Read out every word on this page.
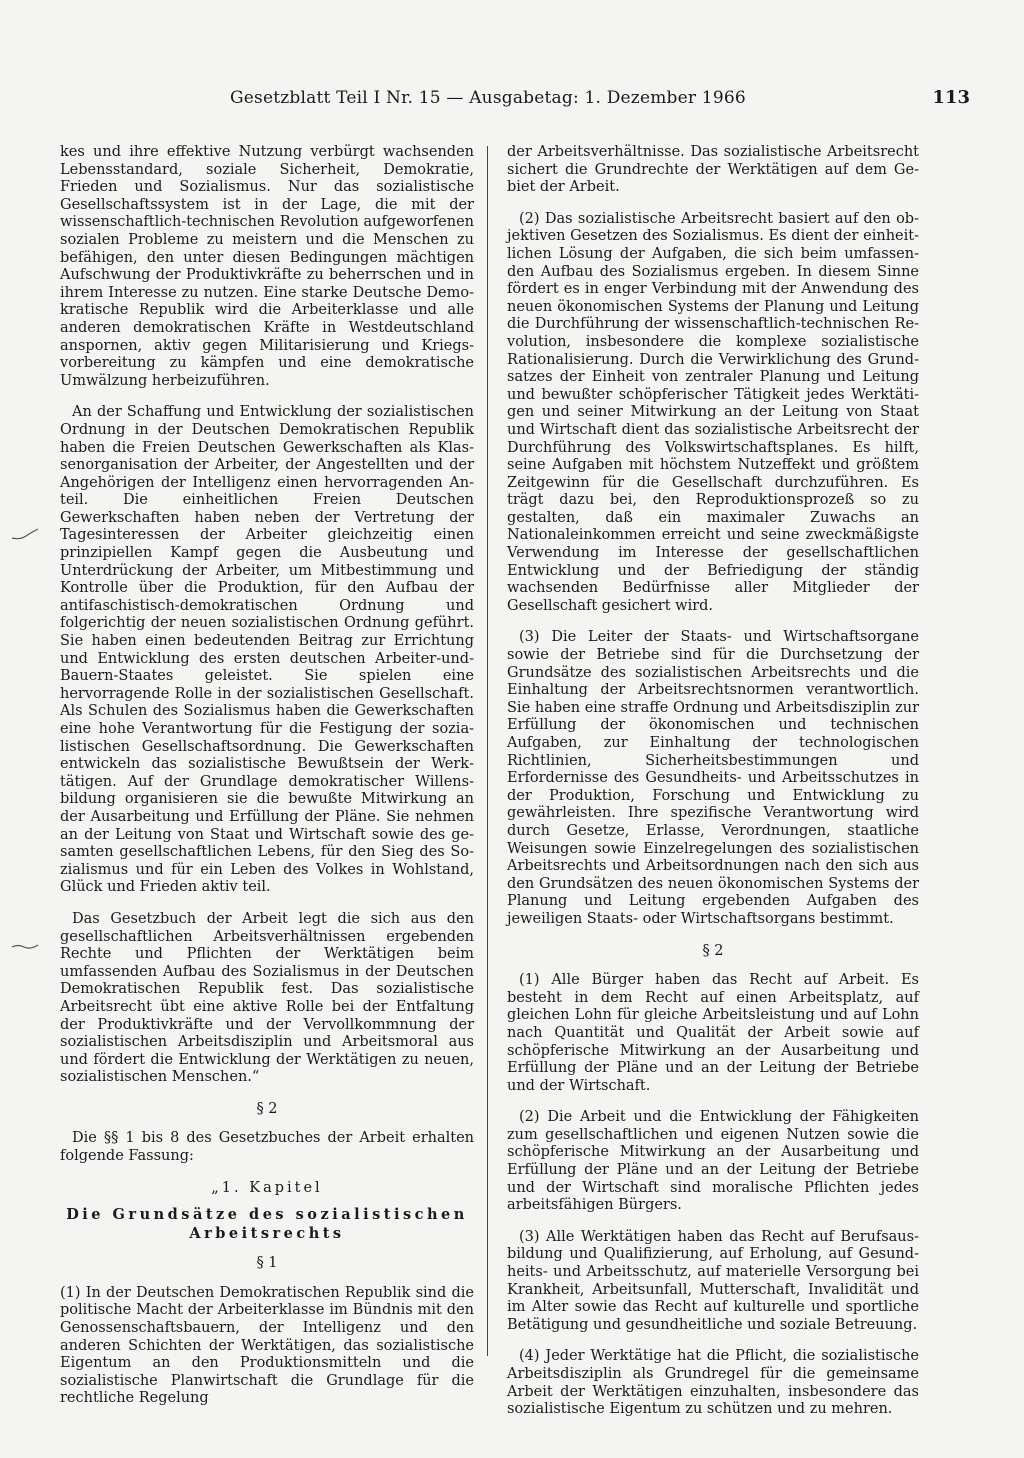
Gesetzblatt Teil I Nr. 15 — Ausgabetag: 1. Dezember 1966	113

kes und ihre effektive Nutzung verbürgt wachsenden Lebensstandard, soziale Sicherheit, Demokratie, Frieden und Sozialismus. Nur das sozialistische Gesellschaftssystem ist in der Lage, die mit der wissenschaftlich-technischen Revolution aufgeworfenen sozialen Probleme zu meistern und die Menschen zu befähigen, den unter diesen Bedingungen mächtigen Aufschwung der Produktivkräfte zu beherrschen und in ihrem Interesse zu nutzen. Eine starke Deutsche Demokratische Republik wird die Arbeiterklasse und alle anderen demokratischen Kräfte in Westdeutschland anspornen, aktiv gegen Militarisierung und Kriegsvorbereitung zu kämpfen und eine demokratische Umwälzung herbeizuführen.

An der Schaffung und Entwicklung der sozialistischen Ordnung in der Deutschen Demokratischen Republik haben die Freien Deutschen Gewerkschaften als Klassenorganisation der Arbeiter, der Angestellten und der Angehörigen der Intelligenz einen hervorragenden Anteil. Die einheitlichen Freien Deutschen Gewerkschaften haben neben der Vertretung der Tagesinteressen der Arbeiter gleichzeitig einen prinzipiellen Kampf gegen die Ausbeutung und Unterdrückung der Arbeiter, um Mitbestimmung und Kontrolle über die Produktion, für den Aufbau der antifaschistisch-demokratischen Ordnung und folgerichtig der neuen sozialistischen Ordnung geführt. Sie haben einen bedeutenden Beitrag zur Errichtung und Entwicklung des ersten deutschen Arbeiter-und-Bauern-Staates geleistet. Sie spielen eine hervorragende Rolle in der sozialistischen Gesellschaft. Als Schulen des Sozialismus haben die Gewerkschaften eine hohe Verantwortung für die Festigung der sozialistischen Gesellschaftsordnung. Die Gewerkschaften entwickeln das sozialistische Bewußtsein der Werktätigen. Auf der Grundlage demokratischer Willensbildung organisieren sie die bewußte Mitwirkung an der Ausarbeitung und Erfüllung der Pläne. Sie nehmen an der Leitung von Staat und Wirtschaft sowie des gesamten gesellschaftlichen Lebens, für den Sieg des Sozialismus und für ein Leben des Volkes in Wohlstand, Glück und Frieden aktiv teil.

Das Gesetzbuch der Arbeit legt die sich aus den gesellschaftlichen Arbeitsverhältnissen ergebenden Rechte und Pflichten der Werktätigen beim umfassenden Aufbau des Sozialismus in der Deutschen Demokratischen Republik fest. Das sozialistische Arbeitsrecht übt eine aktive Rolle bei der Entfaltung der Produktivkräfte und der Vervollkommnung der sozialistischen Arbeitsdisziplin und Arbeitsmoral aus und fördert die Entwicklung der Werktätigen zu neuen, sozialistischen Menschen.“

§ 2

Die §§ 1 bis 8 des Gesetzbuches der Arbeit erhalten folgende Fassung:

„1. Kapitel
Die Grundsätze des sozialistischen Arbeitsrechts
§ 1

(1) In der Deutschen Demokratischen Republik sind die politische Macht der Arbeiterklasse im Bündnis mit den Genossenschaftsbauern, der Intelligenz und den anderen Schichten der Werktätigen, das sozialistische Eigentum an den Produktionsmitteln und die sozialistische Planwirtschaft die Grundlage für die rechtliche Regelung

der Arbeitsverhältnisse. Das sozialistische Arbeitsrecht sichert die Grundrechte der Werktätigen auf dem Gebiet der Arbeit.

(2) Das sozialistische Arbeitsrecht basiert auf den objektiven Gesetzen des Sozialismus. Es dient der einheitlichen Lösung der Aufgaben, die sich beim umfassenden Aufbau des Sozialismus ergeben. In diesem Sinne fördert es in enger Verbindung mit der Anwendung des neuen ökonomischen Systems der Planung und Leitung die Durchführung der wissenschaftlich-technischen Revolution, insbesondere die komplexe sozialistische Rationalisierung. Durch die Verwirklichung des Grundsatzes der Einheit von zentraler Planung und Leitung und bewußter schöpferischer Tätigkeit jedes Werktätigen und seiner Mitwirkung an der Leitung von Staat und Wirtschaft dient das sozialistische Arbeitsrecht der Durchführung des Volkswirtschaftsplanes. Es hilft, seine Aufgaben mit höchstem Nutzeffekt und größtem Zeitgewinn für die Gesellschaft durchzuführen. Es trägt dazu bei, den Reproduktionsprozeß so zu gestalten, daß ein maximaler Zuwachs an Nationaleinkommen erreicht und seine zweckmäßigste Verwendung im Interesse der gesellschaftlichen Entwicklung und der Befriedigung der ständig wachsenden Bedürfnisse aller Mitglieder der Gesellschaft gesichert wird.

(3) Die Leiter der Staats- und Wirtschaftsorgane sowie der Betriebe sind für die Durchsetzung der Grundsätze des sozialistischen Arbeitsrechts und die Einhaltung der Arbeitsrechtsnormen verantwortlich. Sie haben eine straffe Ordnung und Arbeitsdisziplin zur Erfüllung der ökonomischen und technischen Aufgaben, zur Einhaltung der technologischen Richtlinien, Sicherheitsbestimmungen und Erfordernisse des Gesundheits- und Arbeitsschutzes in der Produktion, Forschung und Entwicklung zu gewährleisten. Ihre spezifische Verantwortung wird durch Gesetze, Erlasse, Verordnungen, staatliche Weisungen sowie Einzelregelungen des sozialistischen Arbeitsrechts und Arbeitsordnungen nach den sich aus den Grundsätzen des neuen ökonomischen Systems der Planung und Leitung ergebenden Aufgaben des jeweiligen Staats- oder Wirtschaftsorgans bestimmt.

§ 2

(1) Alle Bürger haben das Recht auf Arbeit. Es besteht in dem Recht auf einen Arbeitsplatz, auf gleichen Lohn für gleiche Arbeitsleistung und auf Lohn nach Quantität und Qualität der Arbeit sowie auf schöpferische Mitwirkung an der Ausarbeitung und Erfüllung der Pläne und an der Leitung der Betriebe und der Wirtschaft.

(2) Die Arbeit und die Entwicklung der Fähigkeiten zum gesellschaftlichen und eigenen Nutzen sowie die schöpferische Mitwirkung an der Ausarbeitung und Erfüllung der Pläne und an der Leitung der Betriebe und der Wirtschaft sind moralische Pflichten jedes arbeitsfähigen Bürgers.

(3) Alle Werktätigen haben das Recht auf Berufsausbildung und Qualifizierung, auf Erholung, auf Gesundheits- und Arbeitsschutz, auf materielle Versorgung bei Krankheit, Arbeitsunfall, Mutterschaft, Invalidität und im Alter sowie das Recht auf kulturelle und sportliche Betätigung und gesundheitliche und soziale Betreuung.

(4) Jeder Werktätige hat die Pflicht, die sozialistische Arbeitsdisziplin als Grundregel für die gemeinsame Arbeit der Werktätigen einzuhalten, insbesondere das sozialistische Eigentum zu schützen und zu mehren.
